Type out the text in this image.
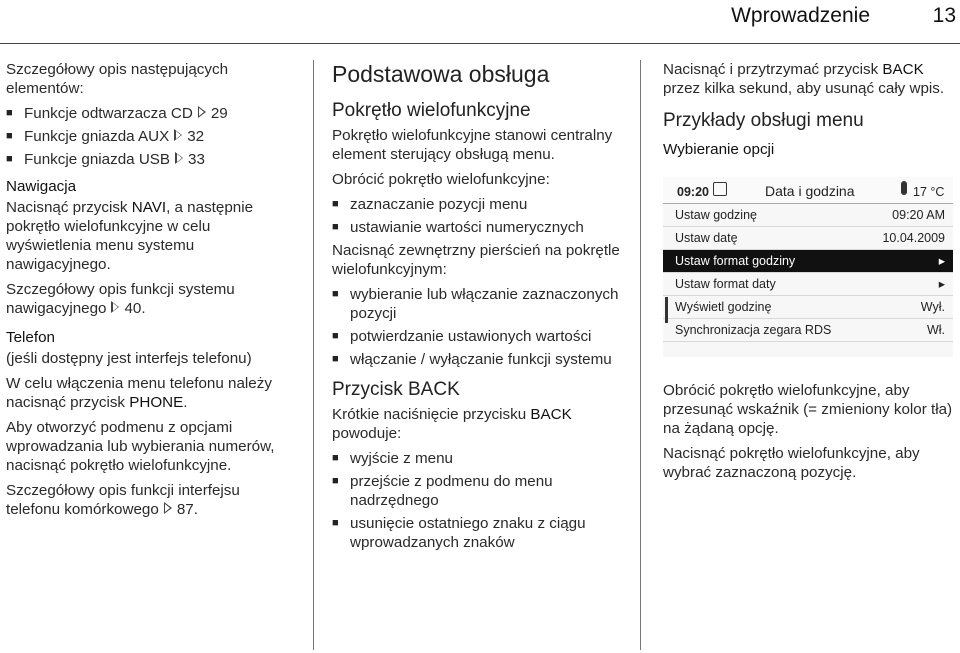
Wprowadzenie	13

Szczegółowy opis następujących elementów:

■ Funkcje odtwarzacza CD 29
■ Funkcje gniazda AUX 32
■ Funkcje gniazda USB 33
Nawigacja

Nacisnąć przycisk NAVI, a następnie pokrętło wielofunkcyjne w celu wyświetlenia menu systemu nawigacyjnego.

Szczegółowy opis funkcji systemu nawigacyjnego 40.

Telefon

(jeśli dostępny jest interfejs telefonu)

W celu włączenia menu telefonu należy nacisnąć przycisk PHONE.

Aby otworzyć podmenu z opcjami wprowadzania lub wybierania numerów, nacisnąć pokrętło wielofunkcyjne.

Szczegółowy opis funkcji interfejsu telefonu komórkowego 87.

Podstawowa obsługa
Pokrętło wielofunkcyjne

Pokrętło wielofunkcyjne stanowi centralny element sterujący obsługą menu.

Obrócić pokrętło wielofunkcyjne:

■ zaznaczanie pozycji menu
■ ustawianie wartości numerycznych

Nacisnąć zewnętrzny pierścień na pokrętle wielofunkcyjnym:

■ wybieranie lub włączanie zaznaczonych pozycji
■ potwierdzanie ustawionych wartości
■ włączanie / wyłączanie funkcji systemu
Przycisk BACK

Krótkie naciśnięcie przycisku BACK powoduje:

■ wyjście z menu
■ przejście z podmenu do menu nadrzędnego
■ usunięcie ostatniego znaku z ciągu wprowadzanych znaków

Nacisnąć i przytrzymać przycisk BACK przez kilka sekund, aby usunąć cały wpis.

Przykłady obsługi menu
Wybieranie opcji
09:20	Data i godzina	17 °C
Ustaw godzinę	09:20 AM
Ustaw datę	10.04.2009
Ustaw format godziny	▸
Ustaw format daty	▸
Wyświetl godzinę	Wył.
Synchronizacja zegara RDS	Wł.

Obrócić pokrętło wielofunkcyjne, aby przesunąć wskaźnik (= zmieniony kolor tła) na żądaną opcję.

Nacisnąć pokrętło wielofunkcyjne, aby wybrać zaznaczoną pozycję.
